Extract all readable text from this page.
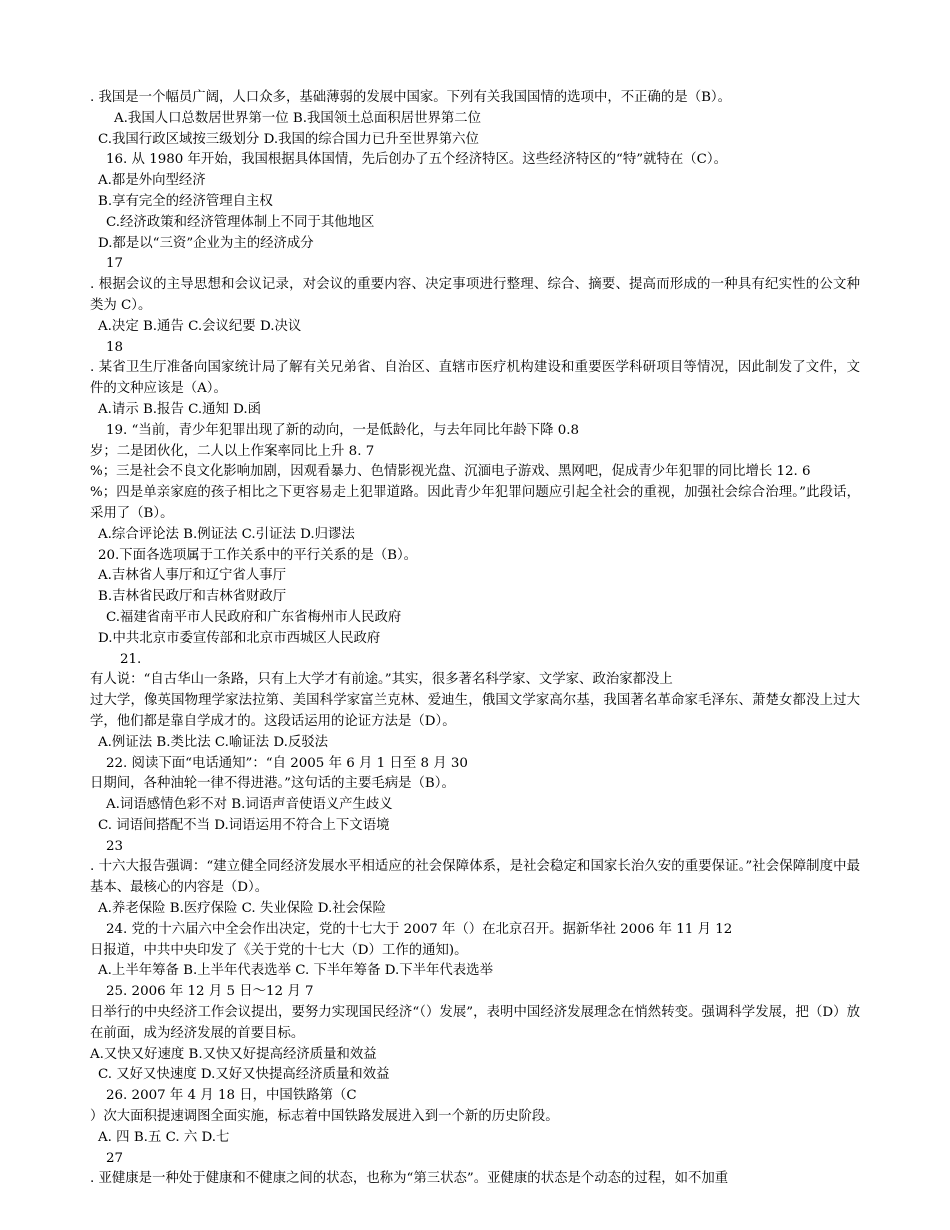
. 我国是一个幅员广阔，人口众多，基础薄弱的发展中国家。下列有关我国国情的选项中，不正确的是（B）。
A.我国人口总数居世界第一位 B.我国领土总面积居世界第二位
C.我国行政区域按三级划分 D.我国的综合国力已升至世界第六位
16. 从 1980 年开始，我国根据具体国情，先后创办了五个经济特区。这些经济特区的“特”就特在（C）。
A.都是外向型经济
B.享有完全的经济管理自主权
C.经济政策和经济管理体制上不同于其他地区
D.都是以“三资”企业为主的经济成分
17
. 根据会议的主导思想和会议记录，对会议的重要内容、决定事项进行整理、综合、摘要、提高而形成的一种具有纪实性的公文种类为 C）。
A.决定 B.通告 C.会议纪要 D.决议
18
. 某省卫生厅准备向国家统计局了解有关兄弟省、自治区、直辖市医疗机构建设和重要医学科研项目等情况，因此制发了文件，文件的文种应该是（A）。
A.请示 B.报告 C.通知 D.函
19. “当前，青少年犯罪出现了新的动向，一是低龄化，与去年同比年龄下降 0.8
岁；二是团伙化，二人以上作案率同比上升 8. 7
%；三是社会不良文化影响加剧，因观看暴力、色情影视光盘、沉湎电子游戏、黑网吧，促成青少年犯罪的同比增长 12. 6
%；四是单亲家庭的孩子相比之下更容易走上犯罪道路。因此青少年犯罪问题应引起全社会的重视，加强社会综合治理。”此段话，采用了（B）。
A.综合评论法 B.例证法 C.引证法 D.归谬法
20.下面各选项属于工作关系中的平行关系的是（B）。
A.吉林省人事厅和辽宁省人事厅
B.吉林省民政厅和吉林省财政厅
C.福建省南平市人民政府和广东省梅州市人民政府
D.中共北京市委宣传部和北京市西城区人民政府
21.
有人说：“自古华山一条路，只有上大学才有前途。”其实，很多著名科学家、文学家、政治家都没上
过大学，像英国物理学家法拉第、美国科学家富兰克林、爱迪生，俄国文学家高尔基，我国著名革命家毛泽东、萧楚女都没上过大学，他们都是靠自学成才的。这段话运用的论证方法是（D）。
A.例证法 B.类比法 C.喻证法 D.反驳法
22. 阅读下面“电话通知”：“自 2005 年 6 月 1 日至 8 月 30
日期间，各种油轮一律不得进港。”这句话的主要毛病是（B）。
A.词语感情色彩不对 B.词语声音使语义产生歧义
C. 词语间搭配不当 D.词语运用不符合上下文语境
23
. 十六大报告强调：“建立健全同经济发展水平相适应的社会保障体系，是社会稳定和国家长治久安的重要保证。”社会保障制度中最基本、最核心的内容是（D）。
A.养老保险 B.医疗保险 C. 失业保险 D.社会保险
24. 党的十六届六中全会作出决定，党的十七大于 2007 年（）在北京召开。据新华社 2006 年 11 月 12
日报道，中共中央印发了《关于党的十七大（D）工作的通知)。
A.上半年筹备 B.上半年代表选举 C. 下半年筹备 D.下半年代表选举
25. 2006 年 12 月 5 日～12 月 7
日举行的中央经济工作会议提出，要努力实现国民经济“（）发展”，表明中国经济发展理念在悄然转变。强调科学发展，把（D）放在前面，成为经济发展的首要目标。
A.又快又好速度 B.又快又好提高经济质量和效益
C. 又好又快速度 D.又好又快提高经济质量和效益
26. 2007 年 4 月 18 日，中国铁路第（C
）次大面积提速调图全面实施，标志着中国铁路发展进入到一个新的历史阶段。
A. 四 B.五 C. 六 D.七
27
. 亚健康是一种处于健康和不健康之间的状态，也称为“第三状态”。亚健康的状态是个动态的过程，如不加重
